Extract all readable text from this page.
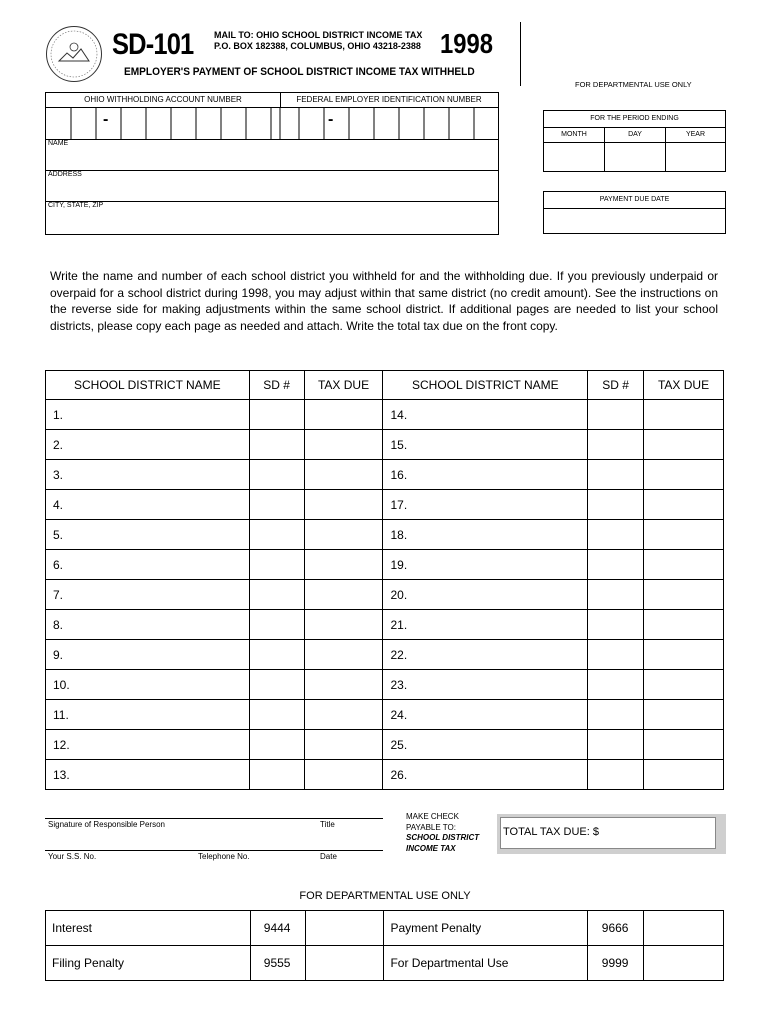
SD-101 MAIL TO: OHIO SCHOOL DISTRICT INCOME TAX
P.O. BOX 182388, COLUMBUS, OHIO 43218-2388 1998
EMPLOYER'S PAYMENT OF SCHOOL DISTRICT INCOME TAX WITHHELD
FOR DEPARTMENTAL USE ONLY
OHIO WITHHOLDING ACCOUNT NUMBER	FEDERAL EMPLOYER IDENTIFICATION NUMBER
-	-
NAME
ADDRESS
CITY, STATE, ZIP
FOR THE PERIOD ENDING
MONTH	DAY	YEAR
PAYMENT DUE DATE
Write the name and number of each school district you withheld for and the withholding due. If you previously underpaid or overpaid for a school district during 1998, you may adjust within that same district (no credit amount). See the instructions on the reverse side for making adjustments within the same school district. If additional pages are needed to list your school districts, please copy each page as needed and attach. Write the total tax due on the front copy.
SCHOOL DISTRICT NAME	SD #	TAX DUE	SCHOOL DISTRICT NAME	SD #	TAX DUE
1.			14.		
2.			15.		
3.			16.		
4.			17.		
5.			18.		
6.			19.		
7.			20.		
8.			21.		
9.			22.		
10.			23.		
11.			24.		
12.			25.		
13.			26.		
Signature of Responsible Person	Title
Your S.S. No.	Telephone No.	Date
MAKE CHECK
PAYABLE TO:
SCHOOL DISTRICT
INCOME TAX
TOTAL TAX DUE: $
FOR DEPARTMENTAL USE ONLY
Interest	9444		Payment Penalty	9666	
Filing Penalty	9555		For Departmental Use	9999	
